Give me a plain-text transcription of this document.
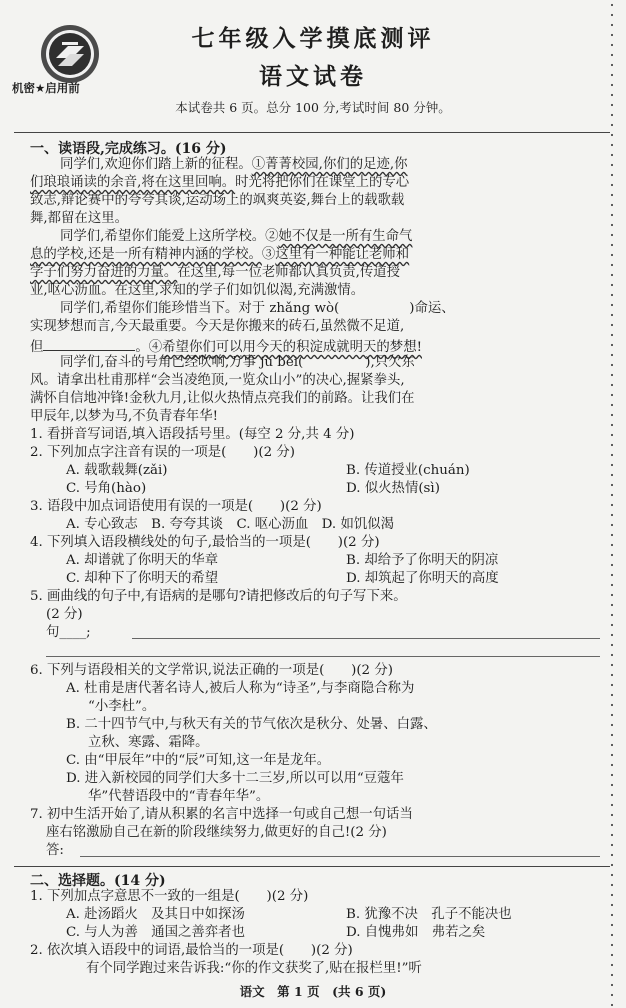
机密★启用前
七年级入学摸底测评
语文试卷
本试卷共 6 页。总分 100 分,考试时间 80 分钟。
一、读语段,完成练习。(16 分)
同学们,欢迎你们踏上新的征程。①菁菁校园,你们的足迹,你
们琅琅诵读的余音,将在这里回响。时光将把你们在课堂上的专心
致志,辩论赛中的夸夸其谈,运动场上的飒爽英姿,舞台上的载歌载
舞,都留在这里。
同学们,希望你们能爱上这所学校。②她不仅是一所有生命气
息的学校,还是一所有精神内涵的学校。③这里有一种能让老师和
学子们努力奋进的力量。在这里,每一位老师都认真负责,传道授
业,呕心沥血。在这里,求知的学子们如饥似渴,充满激情。
同学们,希望你们能珍惜当下。对于 zhǎng wò(	)命运、
实现梦想而言,今天最重要。今天是你搬来的砖石,虽然微不足道,
但	。④希望你们可以用今天的积淀成就明天的梦想!
同学们,奋斗的号角已经吹响,万事 jù bèi(	),只欠东
风。请拿出杜甫那样“会当凌绝顶,一览众山小”的决心,握紧拳头,
满怀自信地冲锋!金秋九月,让似火热情点亮我们的前路。让我们在
甲辰年,以梦为马,不负青春年华!
1. 看拼音写词语,填入语段括号里。(每空 2 分,共 4 分)
2. 下列加点字注音有误的一项是(　　)(2 分)
A. 载歌载舞(zǎi)	B. 传道授业(chuán)
C. 号角(hào)	D. 似火热情(sì)
3. 语段中加点词语使用有误的一项是(　　)(2 分)
A. 专心致志　B. 夸夸其谈　C. 呕心沥血　D. 如饥似渴
4. 下列填入语段横线处的句子,最恰当的一项是(　　)(2 分)
A. 却谱就了你明天的华章	B. 却给予了你明天的阴凉
C. 却种下了你明天的希望	D. 却筑起了你明天的高度
5. 画曲线的句子中,有语病的是哪句?请把修改后的句子写下来。
(2 分)
句____;
6. 下列与语段相关的文学常识,说法正确的一项是(　　)(2 分)
A. 杜甫是唐代著名诗人,被后人称为“诗圣”,与李商隐合称为
“小李杜”。
B. 二十四节气中,与秋天有关的节气依次是秋分、处暑、白露、
立秋、寒露、霜降。
C. 由“甲辰年”中的“辰”可知,这一年是龙年。
D. 进入新校园的同学们大多十二三岁,所以可以用“豆蔻年
华”代替语段中的“青春年华”。
7. 初中生活开始了,请从积累的名言中选择一句或自己想一句话当
座右铭激励自己在新的阶段继续努力,做更好的自己!(2 分)
答:
二、选择题。(14 分)
1. 下列加点字意思不一致的一组是(　　)(2 分)
A. 赴汤蹈火　及其日中如探汤	B. 犹豫不决　孔子不能决也
C. 与人为善　通国之善弈者也	D. 自愧弗如　弗若之矣
2. 依次填入语段中的词语,最恰当的一项是(　　)(2 分)
有个同学跑过来告诉我:“你的作文获奖了,贴在报栏里!”听
语文　第 1 页　(共 6 页)
